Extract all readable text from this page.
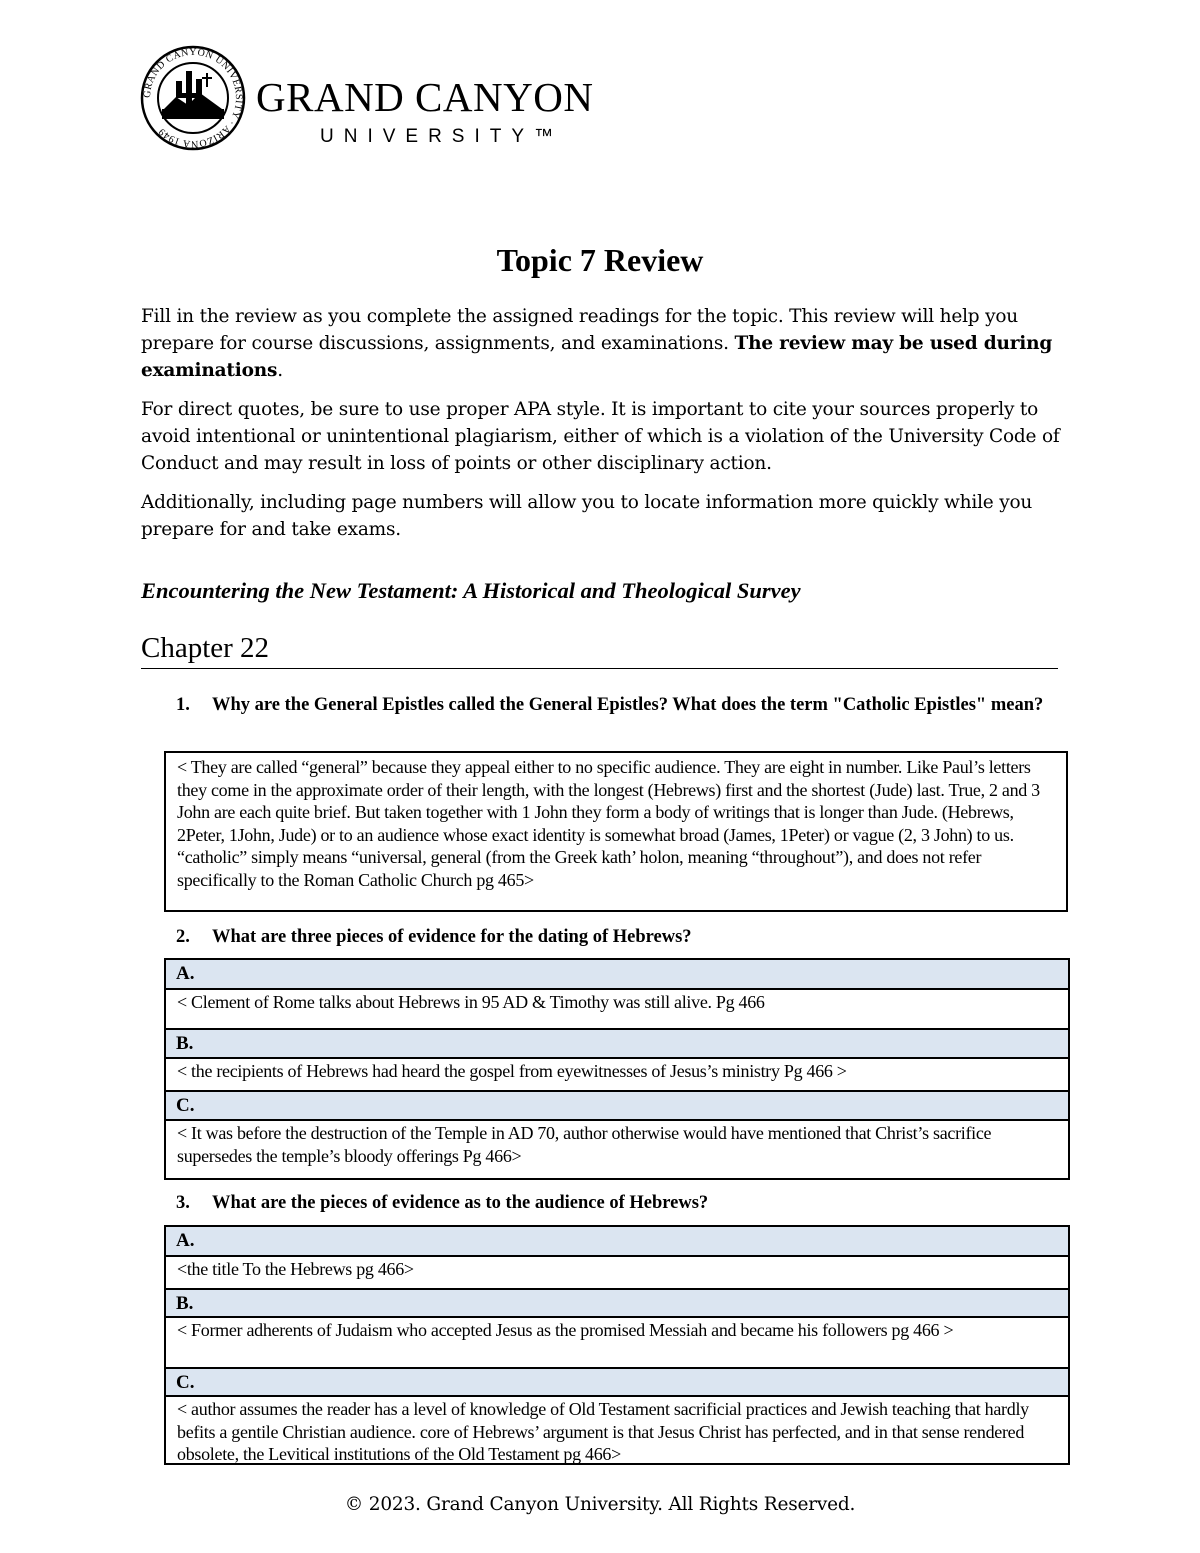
GRAND CANYON UNIVERSITY · ARIZONA 1949
GRAND CANYON
UNIVERSITY™
Topic 7 Review
Fill in the review as you complete the assigned readings for the topic. This review will help you prepare for course discussions, assignments, and examinations. The review may be used during examinations.
For direct quotes, be sure to use proper APA style. It is important to cite your sources properly to avoid intentional or unintentional plagiarism, either of which is a violation of the University Code of Conduct and may result in loss of points or other disciplinary action.
Additionally, including page numbers will allow you to locate information more quickly while you prepare for and take exams.
Encountering the New Testament: A Historical and Theological Survey
Chapter 22
1.	Why are the General Epistles called the General Epistles? What does the term "Catholic Epistles" mean?
< They are called “general” because they appeal either to no specific audience. They are eight in number. Like Paul’s letters they come in the approximate order of their length, with the longest (Hebrews) first and the shortest (Jude) last. True, 2 and 3 John are each quite brief. But taken together with 1 John they form a body of writings that is longer than Jude. (Hebrews, 2Peter, 1John, Jude) or to an audience whose exact identity is somewhat broad (James, 1Peter) or vague (2, 3 John) to us.
“catholic” simply means “universal, general (from the Greek kath’ holon, meaning “throughout”), and does not refer specifically to the Roman Catholic Church pg 465>
2.	What are three pieces of evidence for the dating of Hebrews?
A.
< Clement of Rome talks about Hebrews in 95 AD & Timothy was still alive. Pg 466
B.
< the recipients of Hebrews had heard the gospel from eyewitnesses of Jesus’s ministry Pg 466 >
C.
< It was before the destruction of the Temple in AD 70, author otherwise would have mentioned that Christ’s sacrifice supersedes the temple’s bloody offerings Pg 466>
3.	What are the pieces of evidence as to the audience of Hebrews?
A.
<the title To the Hebrews pg 466>
B.
< Former adherents of Judaism who accepted Jesus as the promised Messiah and became his followers pg 466 >
C.
< author assumes the reader has a level of knowledge of Old Testament sacrificial practices and Jewish teaching that hardly befits a gentile Christian audience. core of Hebrews’ argument is that Jesus Christ has perfected, and in that sense rendered obsolete, the Levitical institutions of the Old Testament pg 466>
© 2023. Grand Canyon University. All Rights Reserved.
